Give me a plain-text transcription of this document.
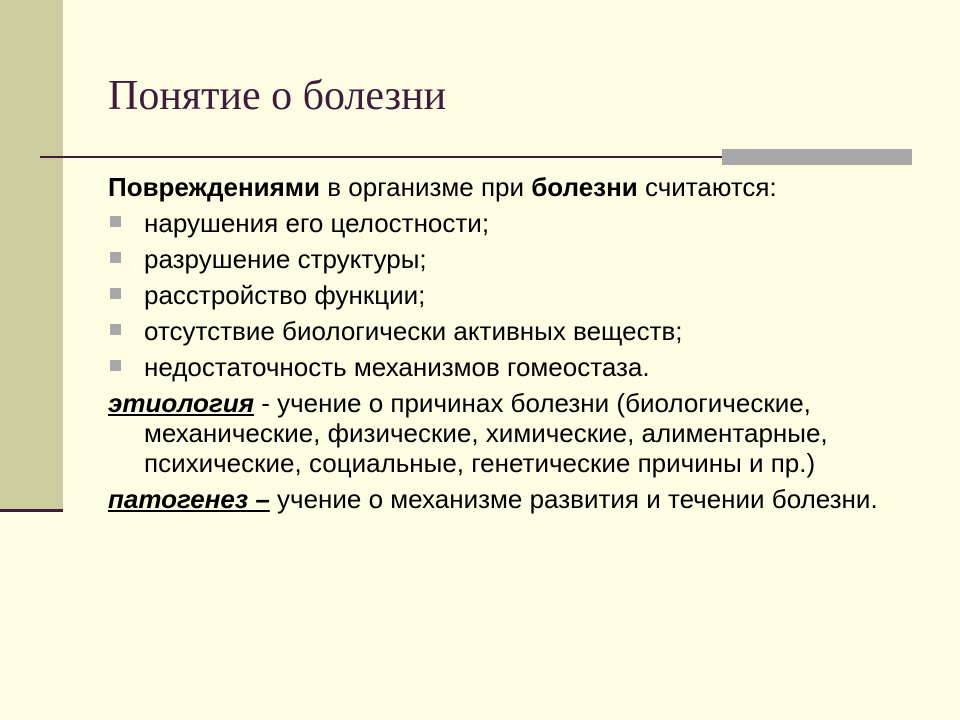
Понятие о болезни

Повреждениями в организме при болезни считаются:

нарушения его целостности;
разрушение структуры;
расстройство функции;
отсутствие биологически активных веществ;
недостаточность механизмов гомеостаза.

этиология - учение о причинах болезни (биологические, механические, физические, химические, алиментарные, психические, социальные, генетические причины и пр.)

патогенез – учение о механизме развития и течении болезни.
